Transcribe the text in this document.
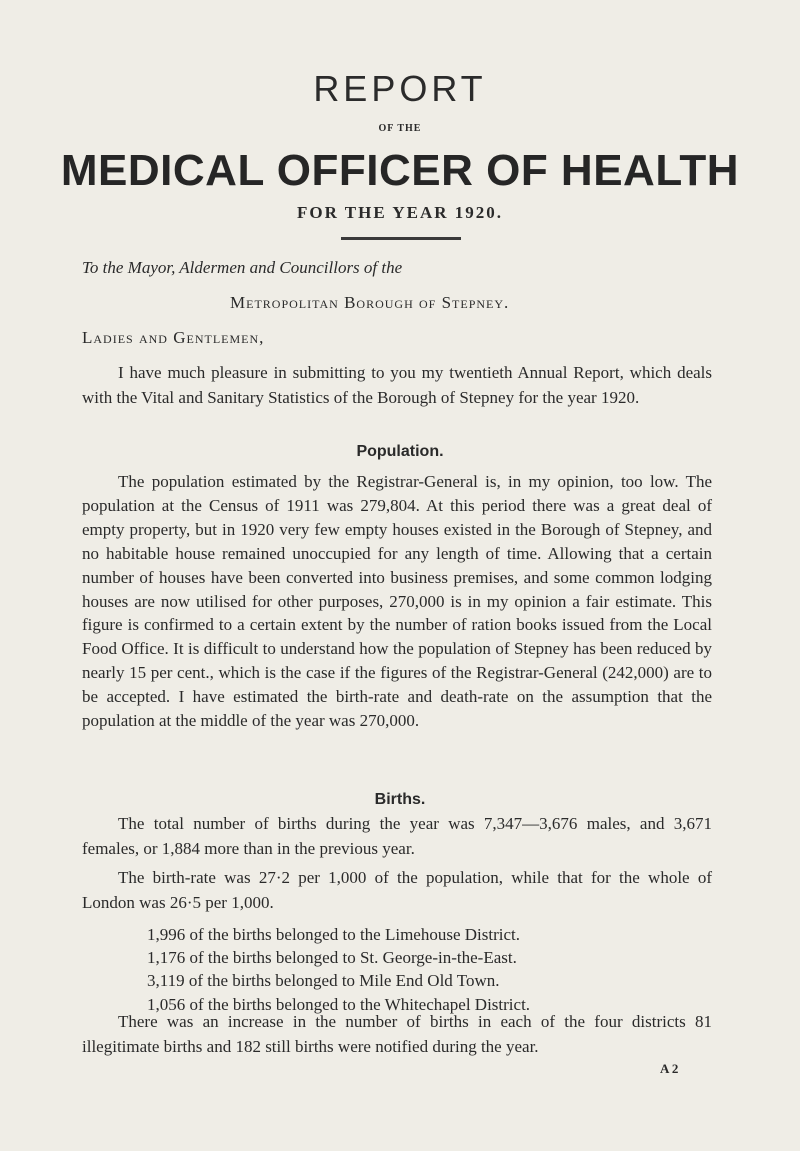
REPORT
OF THE
MEDICAL OFFICER OF HEALTH
FOR THE YEAR 1920.
To the Mayor, Aldermen and Councillors of the
Metropolitan Borough of Stepney.
Ladies and Gentlemen,
I have much pleasure in submitting to you my twentieth Annual Report, which deals with the Vital and Sanitary Statistics of the Borough of Stepney for the year 1920.
Population.
The population estimated by the Registrar-General is, in my opinion, too low. The population at the Census of 1911 was 279,804. At this period there was a great deal of empty property, but in 1920 very few empty houses existed in the Borough of Stepney, and no habitable house remained unoccupied for any length of time. Allowing that a certain number of houses have been converted into business premises, and some common lodging houses are now utilised for other purposes, 270,000 is in my opinion a fair estimate. This figure is confirmed to a certain extent by the number of ration books issued from the Local Food Office. It is difficult to understand how the population of Stepney has been reduced by nearly 15 per cent., which is the case if the figures of the Registrar-General (242,000) are to be accepted. I have estimated the birth-rate and death-rate on the assumption that the population at the middle of the year was 270,000.
Births.
The total number of births during the year was 7,347—3,676 males, and 3,671 females, or 1,884 more than in the previous year.
The birth-rate was 27·2 per 1,000 of the population, while that for the whole of London was 26·5 per 1,000.
1,996 of the births belonged to the Limehouse District.
1,176 of the births belonged to St. George-in-the-East.
3,119 of the births belonged to Mile End Old Town.
1,056 of the births belonged to the Whitechapel District.
There was an increase in the number of births in each of the four districts 81 illegitimate births and 182 still births were notified during the year.
A 2
